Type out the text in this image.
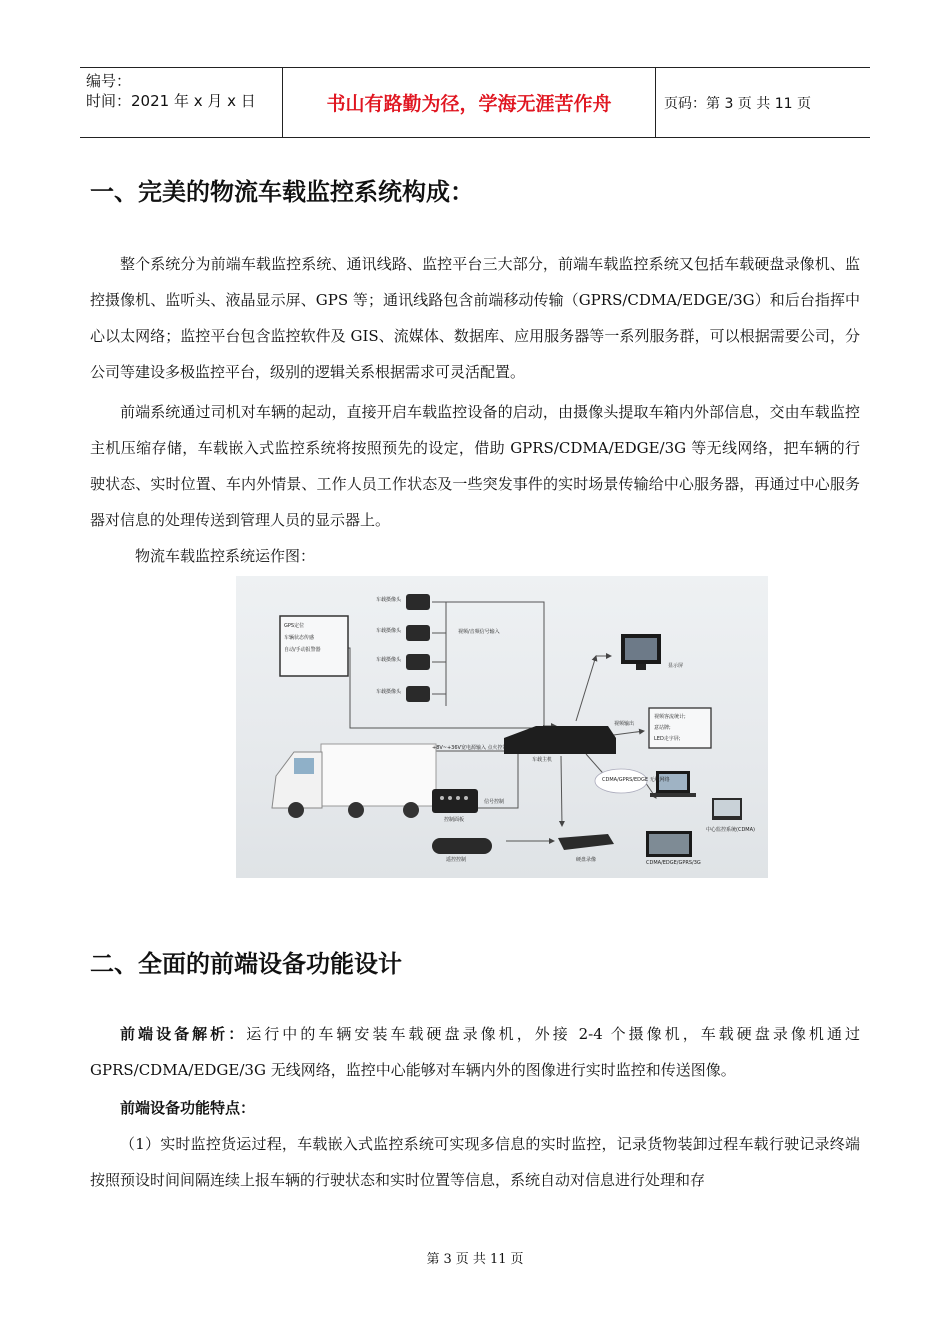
编号：
时间：2021 年 x 月 x 日	书山有路勤为径，学海无涯苦作舟	页码：第 3 页 共 11 页
一、完美的物流车载监控系统构成：

整个系统分为前端车载监控系统、通讯线路、监控平台三大部分，前端车载监控系统又包括车载硬盘录像机、监控摄像机、监听头、液晶显示屏、GPS 等；通讯线路包含前端移动传输（GPRS/CDMA/EDGE/3G）和后台指挥中心以太网络；监控平台包含监控软件及 GIS、流媒体、数据库、应用服务器等一系列服务群，可以根据需要公司，分公司等建设多极监控平台，级别的逻辑关系根据需求可灵活配置。

前端系统通过司机对车辆的起动，直接开启车载监控设备的启动，由摄像头提取车箱内外部信息，交由车载监控主机压缩存储，车载嵌入式监控系统将按照预先的设定，借助 GPRS/CDMA/EDGE/3G 等无线网络，把车辆的行驶状态、实时位置、车内外情景、工作人员工作状态及一些突发事件的实时场景传输给中心服务器，再通过中心服务器对信息的处理传送到管理人员的显示器上。

物流车载监控系统运作图：
车载摄像头
车载摄像头
车载摄像头
车载摄像头
GPS定位
车辆状态传感
自动/手动报警器
视频/音频信号输入
显示屏
视频输出
视频客流统计;
意站牌;
LED走字屏;
+8V~+36V宽电源输入 点火控制
车载主机
CDMA/GPRS/EDGE 无线网络
控制面板
信号控制
遥控控制	硬盘录像
中心监控系统(CDMA)
CDMA/EDGE/GPRS/3G
二、全面的前端设备功能设计

前端设备解析：运行中的车辆安装车载硬盘录像机，外接 2-4 个摄像机，车载硬盘录像机通过 GPRS/CDMA/EDGE/3G 无线网络，监控中心能够对车辆内外的图像进行实时监控和传送图像。

前端设备功能特点：

（1）实时监控货运过程，车载嵌入式监控系统可实现多信息的实时监控，记录货物装卸过程车载行驶记录终端按照预设时间间隔连续上报车辆的行驶状态和实时位置等信息，系统自动对信息进行处理和存

第 3 页 共 11 页
